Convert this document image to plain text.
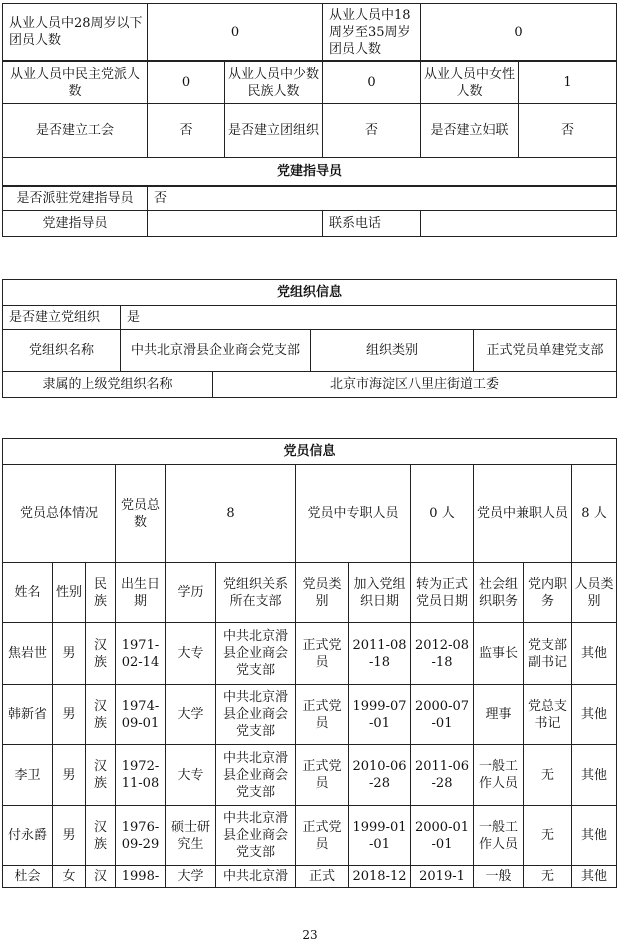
从业人员中28周岁以下团员人数	0	从业人员中18周岁至35周岁团员人数	0
从业人员中民主党派人数	0	从业人员中少数民族人数	0	从业人员中女性人数	1
是否建立工会	否	是否建立团组织	否	是否建立妇联	否
党建指导员					
是否派驻党建指导员	否		
党建指导员		联系电话	
党组织信息				
是否建立党组织	是			
党组织名称	中共北京滑县企业商会党支部		组织类别	正式党员单建党支部
隶属的上级党组织名称		北京市海淀区八里庄街道工委		
党员信息											
党员总体情况			党员总数	8		党员中专职人员		0 人	党员中兼职人员		8 人
姓名	性别	民族	出生日期	学历	党组织关系所在支部	党员类别	加入党组织日期	转为正式党员日期	社会组织职务	党内职务	人员类别
焦岩世	男	汉族	1971-02-14	大专	中共北京滑县企业商会党支部	正式党员	2011-08-18	2012-08-18	监事长	党支部副书记	其他
韩新省	男	汉族	1974-09-01	大学	中共北京滑县企业商会党支部	正式党员	1999-07-01	2000-07-01	理事	党总支书记	其他
李卫	男	汉族	1972-11-08	大专	中共北京滑县企业商会党支部	正式党员	2010-06-28	2011-06-28	一般工作人员	无	其他
付永爵	男	汉族	1976-09-29	硕士研究生	中共北京滑县企业商会党支部	正式党员	1999-01-01	2000-01-01	一般工作人员	无	其他
杜会	女	汉	1998-	大学	中共北京滑	正式	2018-12	2019-1	一般	无	其他
23
